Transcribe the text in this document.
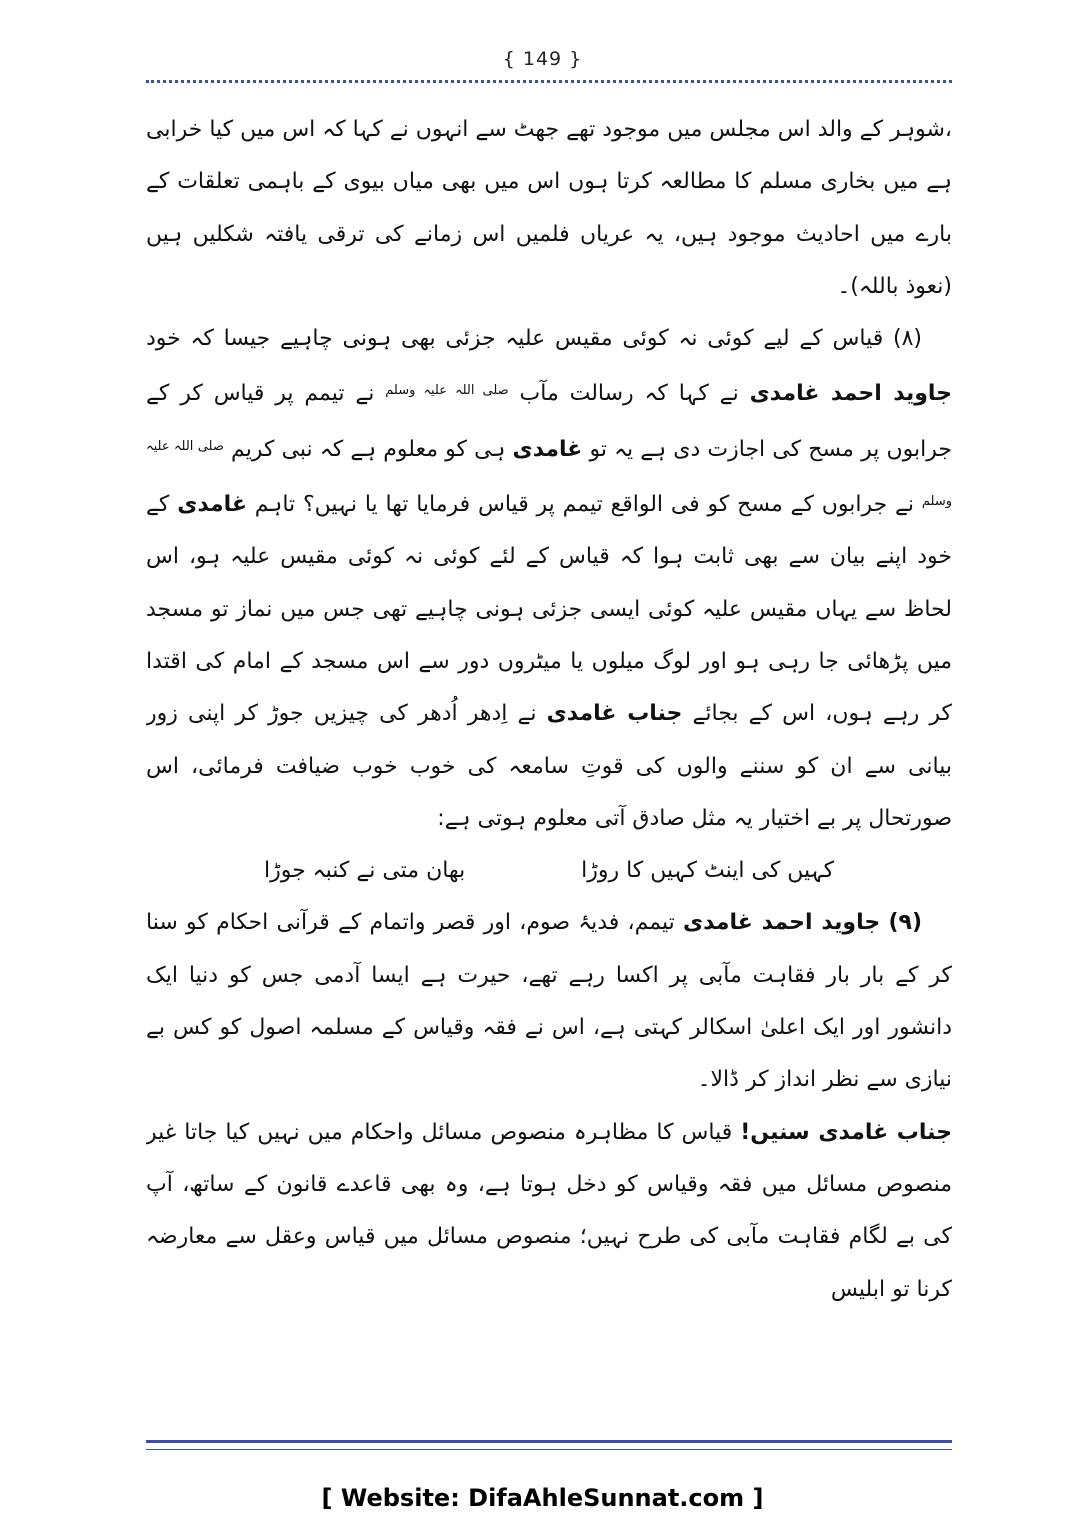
{ 149 }

،شوہر کے والد اس مجلس میں موجود تھے جھٹ سے انہوں نے کہا کہ اس میں کیا خرابی ہے میں بخاری مسلم کا مطالعہ کرتا ہوں اس میں بھی میاں بیوی کے باہمی تعلقات کے بارے میں احادیث موجود ہیں، یہ عریاں فلمیں اس زمانے کی ترقی یافتہ شکلیں ہیں (نعوذ باللہ)۔

(۸) قیاس کے لیے کوئی نہ کوئی مقیس علیہ جزئی بھی ہونی چاہیے جیسا کہ خود جاوید احمد غامدی نے کہا کہ رسالت مآب $^{صلی اللہ علیہ وسلم}$ نے تیمم پر قیاس کر کے جرابوں پر مسح کی اجازت دی ہے یہ تو غامدی ہی کو معلوم ہے کہ نبی کریم $^{صلی اللہ علیہ وسلم}$ نے جرابوں کے مسح کو فی الواقع تیمم پر قیاس فرمایا تھا یا نہیں؟ تاہم غامدی کے خود اپنے بیان سے بھی ثابت ہوا کہ قیاس کے لئے کوئی نہ کوئی مقیس علیہ ہو، اس لحاظ سے یہاں مقیس علیہ کوئی ایسی جزئی ہونی چاہیے تھی جس میں نماز تو مسجد میں پڑھائی جا رہی ہو اور لوگ میلوں یا میٹروں دور سے اس مسجد کے امام کی اقتدا کر رہے ہوں، اس کے بجائے جناب غامدی نے اِدھر اُدھر کی چیزیں جوڑ کر اپنی زور بیانی سے ان کو سننے والوں کی قوتِ سامعہ کی خوب خوب ضیافت فرمائی، اس صورتحال پر بے اختیار یہ مثل صادق آتی معلوم ہوتی ہے:

کہیں کی اینٹ کہیں کا روڑا
بھان متی نے کنبہ جوڑا

(۹) جاوید احمد غامدی تیمم، فدیۂ صوم، اور قصر واتمام کے قرآنی احکام کو سنا کر کے بار بار فقاہت مآبی پر اکسا رہے تھے، حیرت ہے ایسا آدمی جس کو دنیا ایک دانشور اور ایک اعلیٰ اسکالر کہتی ہے، اس نے فقہ وقیاس کے مسلمہ اصول کو کس بے نیازی سے نظر انداز کر ڈالا۔

جناب غامدی سنیں! قیاس کا مظاہرہ منصوص مسائل واحکام میں نہیں کیا جاتا غیر منصوص مسائل میں فقہ وقیاس کو دخل ہوتا ہے، وہ بھی قاعدے قانون کے ساتھ، آپ کی بے لگام فقاہت مآبی کی طرح نہیں؛ منصوص مسائل میں قیاس وعقل سے معارضہ کرنا تو ابلیس

[ Website: DifaAhleSunnat.com ]
